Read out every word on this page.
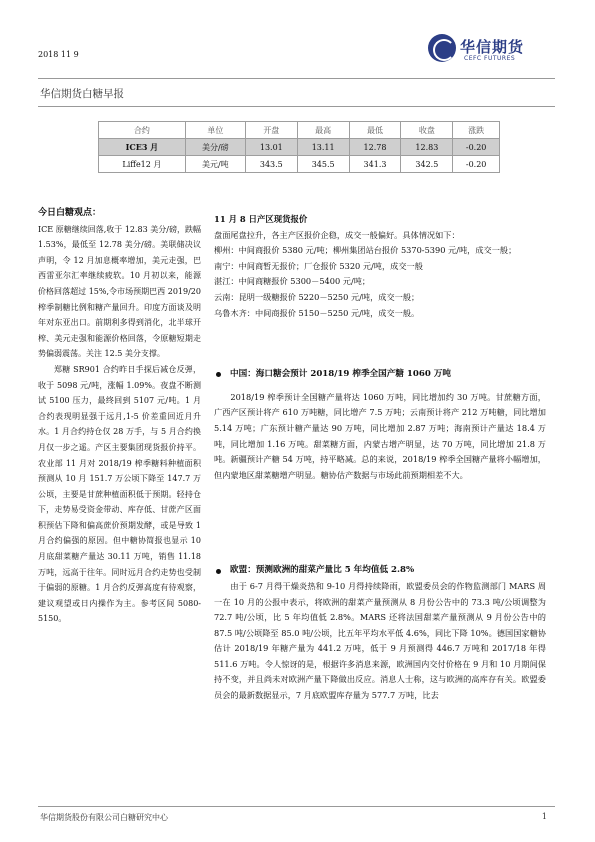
2018 11 9	华信期货
CEFC FUTURES
华信期货白糖早报
合约	单位	开盘	最高	最低	收盘	涨跌
ICE3 月	美分/磅	13.01	13.11	12.78	12.83	-0.20
Liffe12 月	美元/吨	343.5	345.5	341.3	342.5	-0.20
今日白糖观点：

ICE 原糖继续回落,收于 12.83 美分/磅，跌幅 1.53%，最低至 12.78 美分/磅。美联储决议声明，令 12 月加息概率增加，美元走强，巴西雷亚尔汇率继续疲软。10 月初以来，能源价格回落超过 15%,令市场预期巴西 2019/20 榨季制糖比例和糖产量回升。印度方面谈及明年对东亚出口。前期利多得到消化，北半球开榨、美元走强和能源价格回落，令原糖短期走势偏弱震荡。关注 12.5 美分支撑。

郑糖 SR901 合约昨日手探后减仓反弹，收于 5098 元/吨，涨幅 1.09%。夜盘不断测试 5100 压力，最终回到 5107 元/吨。1 月合约表现明显强于远月,1-5 价差重回近月升水。1 月合约持仓仅 28 万手，与 5 月合约换月仅一步之遥。产区主要集团现货报价持平。农业部 11 月对 2018/19 榨季糖料种植面积预测从 10 月 151.7 万公顷下降至 147.7 万公顷，主要是甘蔗种植面积低于预期。轻持仓下，走势易受资金带动、库存低、甘蔗产区面积预估下降和偏高蔗价预期发酵，或是导致 1 月合约偏强的原因。但中糖协简报也显示 10 月底甜菜糖产量达 30.11 万吨，销售 11.18 万吨，远高于往年。同时远月合约走势也受制于偏弱的原糖。1 月合约反弹高度有待观察，建议观望或日内操作为主。参考区间 5080-5150。

11 月 8 日产区现货报价
盘面尾盘拉升，各主产区报价企稳，成交一般偏好。具体情况如下：
柳州：中间商报价 5380 元/吨；柳州集团站台报价 5370-5390 元/吨，成交一般；
南宁：中间商暂无报价；厂仓报价 5320 元/吨，成交一般
湛江：中间商糖报价 5300－5400 元/吨；
云南：昆明一级糖报价 5220－5250 元/吨，成交一般；
乌鲁木齐：中间商报价 5150－5250 元/吨，成交一般。
中国：海口糖会预计 2018/19 榨季全国产糖 1060 万吨
2018/19 榨季预计全国糖产量将达 1060 万吨，同比增加约 30 万吨。甘蔗糖方面，广西产区预计将产 610 万吨糖，同比增产 7.5 万吨；云南预计将产 212 万吨糖，同比增加 5.14 万吨；广东预计糖产量达 90 万吨，同比增加 2.87 万吨；海南预计产量达 18.4 万吨，同比增加 1.16 万吨。甜菜糖方面，内蒙古增产明显，达 70 万吨，同比增加 21.8 万吨。新疆预计产糖 54 万吨，持平略减。总的来说，2018/19 榨季全国糖产量将小幅增加，但内蒙地区甜菜糖增产明显。糖协估产数据与市场此前预期相差不大。
欧盟：预测欧洲的甜菜产量比 5 年均值低 2.8%
由于 6-7 月得干燥炎热和 9-10 月得持续降雨，欧盟委员会的作物监测部门 MARS 周一在 10 月的公报中表示，将欧洲的甜菜产量预测从 8 月份公告中的 73.3 吨/公顷调整为 72.7 吨/公顷，比 5 年均值低 2.8%。MARS 还将法国甜菜产量预测从 9 月份公告中的 87.5 吨/公顷降至 85.0 吨/公顷，比五年平均水平低 4.6%，同比下降 10%。德国国家糖协估计 2018/19 年糖产量为 441.2 万吨，低于 9 月预测得 446.7 万吨和 2017/18 年得 511.6 万吨。令人惊讶的是，根据许多消息来源，欧洲国内交付价格在 9 月和 10 月期间保持不变，并且尚未对欧洲产量下降做出反应。消息人士称，这与欧洲的高库存有关。欧盟委员会的最新数据显示，7 月底欧盟库存量为 577.7 万吨，比去
华信期货股份有限公司白糖研究中心	1
